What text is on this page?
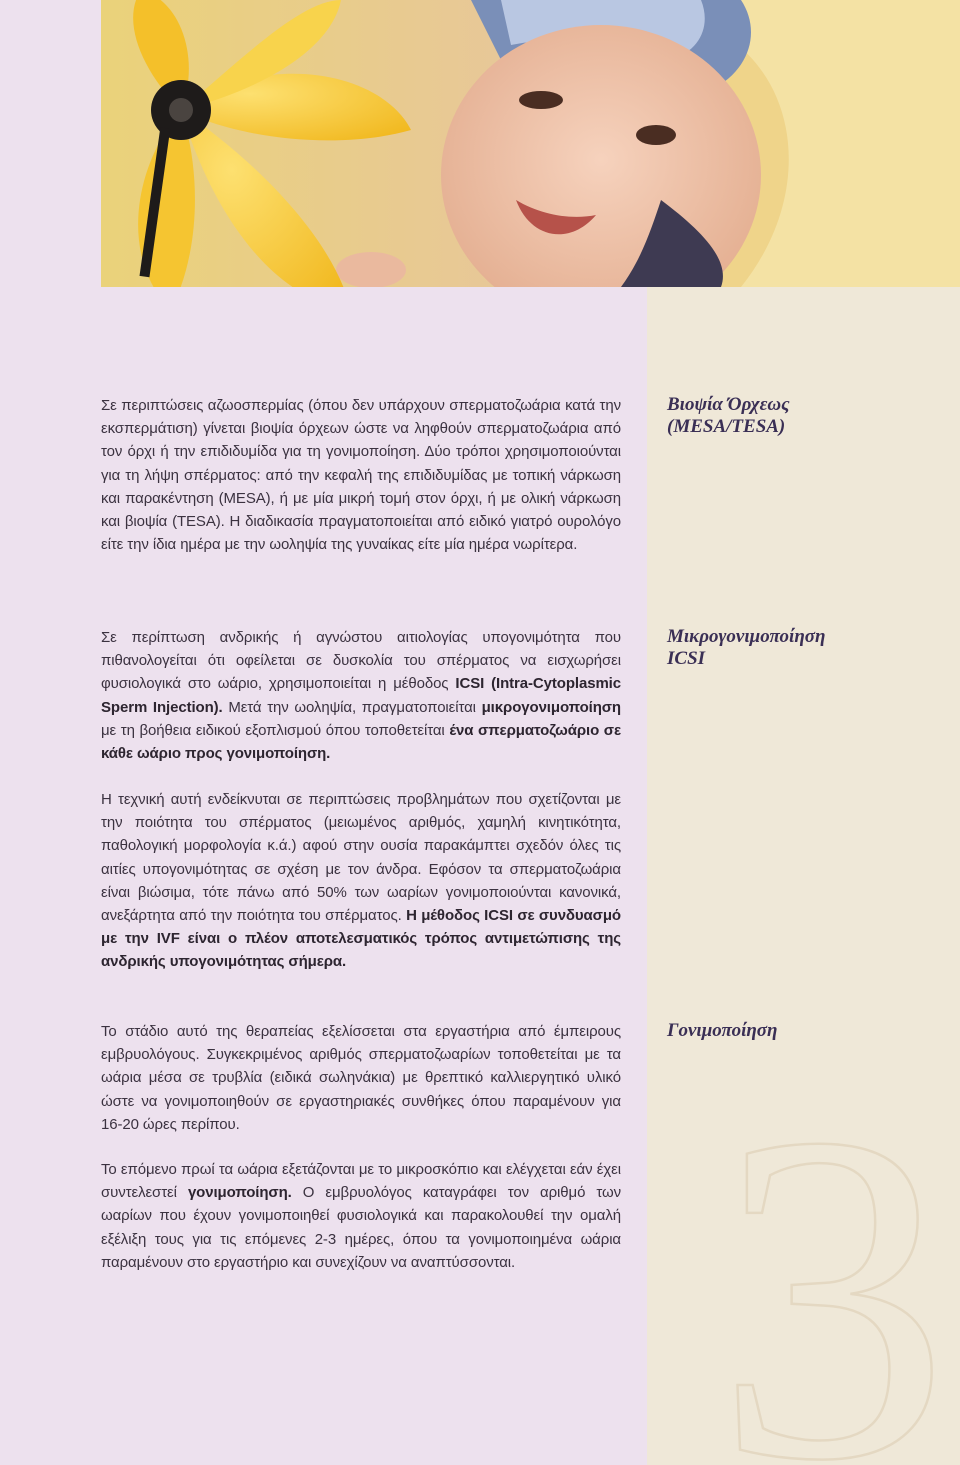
3
Βιοψία Όρχεως (MESA/TESA)
Σε περιπτώσεις αζωοσπερμίας (όπου δεν υπάρχουν σπερματοζωάρια κατά την εκσπερμάτιση) γίνεται βιοψία όρχεων ώστε να ληφθούν σπερματοζωάρια από τον όρχι ή την επιδιδυμίδα για τη γονιμοποίηση. Δύο τρόποι χρησιμοποιούνται για τη λήψη σπέρματος: από την κεφαλή της επιδιδυμίδας με τοπική νάρκωση και παρακέντηση (MESA), ή με μία μικρή τομή στον όρχι, ή με ολική νάρκωση και βιοψία (TESA). Η διαδικασία πραγματοποιείται από ειδικό γιατρό ουρολόγο είτε την ίδια ημέρα με την ωοληψία της γυναίκας είτε μία ημέρα νωρίτερα.
Μικρογονιμοποίηση ICSI
Σε περίπτωση ανδρικής ή αγνώστου αιτιολογίας υπογονιμότητα που πιθανολογείται ότι οφείλεται σε δυσκολία του σπέρματος να εισχωρήσει φυσιολογικά στο ωάριο, χρησιμοποιείται η μέθοδος ICSI (Intra-Cytoplasmic Sperm Injection). Μετά την ωοληψία, πραγματοποιείται μικρογονιμοποίηση με τη βοήθεια ειδικού εξοπλισμού όπου τοποθετείται ένα σπερματοζωάριο σε κάθε ωάριο προς γονιμοποίηση.
Η τεχνική αυτή ενδείκνυται σε περιπτώσεις προβλημάτων που σχετίζονται με την ποιότητα του σπέρματος (μειωμένος αριθμός, χαμηλή κινητικότητα, παθολογική μορφολογία κ.ά.) αφού στην ουσία παρακάμπτει σχεδόν όλες τις αιτίες υπογονιμότητας σε σχέση με τον άνδρα. Εφόσον τα σπερματοζωάρια είναι βιώσιμα, τότε πάνω από 50% των ωαρίων γονιμοποιούνται κανονικά, ανεξάρτητα από την ποιότητα του σπέρματος. Η μέθοδος ICSI σε συνδυασμό με την IVF είναι ο πλέον αποτελεσματικός τρόπος αντιμετώπισης της ανδρικής υπογονιμότητας σήμερα.
Γονιμοποίηση
Το στάδιο αυτό της θεραπείας εξελίσσεται στα εργαστήρια από έμπειρους εμβρυολόγους. Συγκεκριμένος αριθμός σπερματοζωαρίων τοποθετείται με τα ωάρια μέσα σε τρυβλία (ειδικά σωληνάκια) με θρεπτικό καλλιεργητικό υλικό ώστε να γονιμοποιηθούν σε εργαστηριακές συνθήκες όπου παραμένουν για 16-20 ώρες περίπου.
Το επόμενο πρωί τα ωάρια εξετάζονται με το μικροσκόπιο και ελέγχεται εάν έχει συντελεστεί γονιμοποίηση. Ο εμβρυολόγος καταγράφει τον αριθμό των ωαρίων που έχουν γονιμοποιηθεί φυσιολογικά και παρακολουθεί την ομαλή εξέλιξη τους για τις επόμενες 2-3 ημέρες, όπου τα γονιμοποιημένα ωάρια παραμένουν στο εργαστήριο και συνεχίζουν να αναπτύσσονται.
